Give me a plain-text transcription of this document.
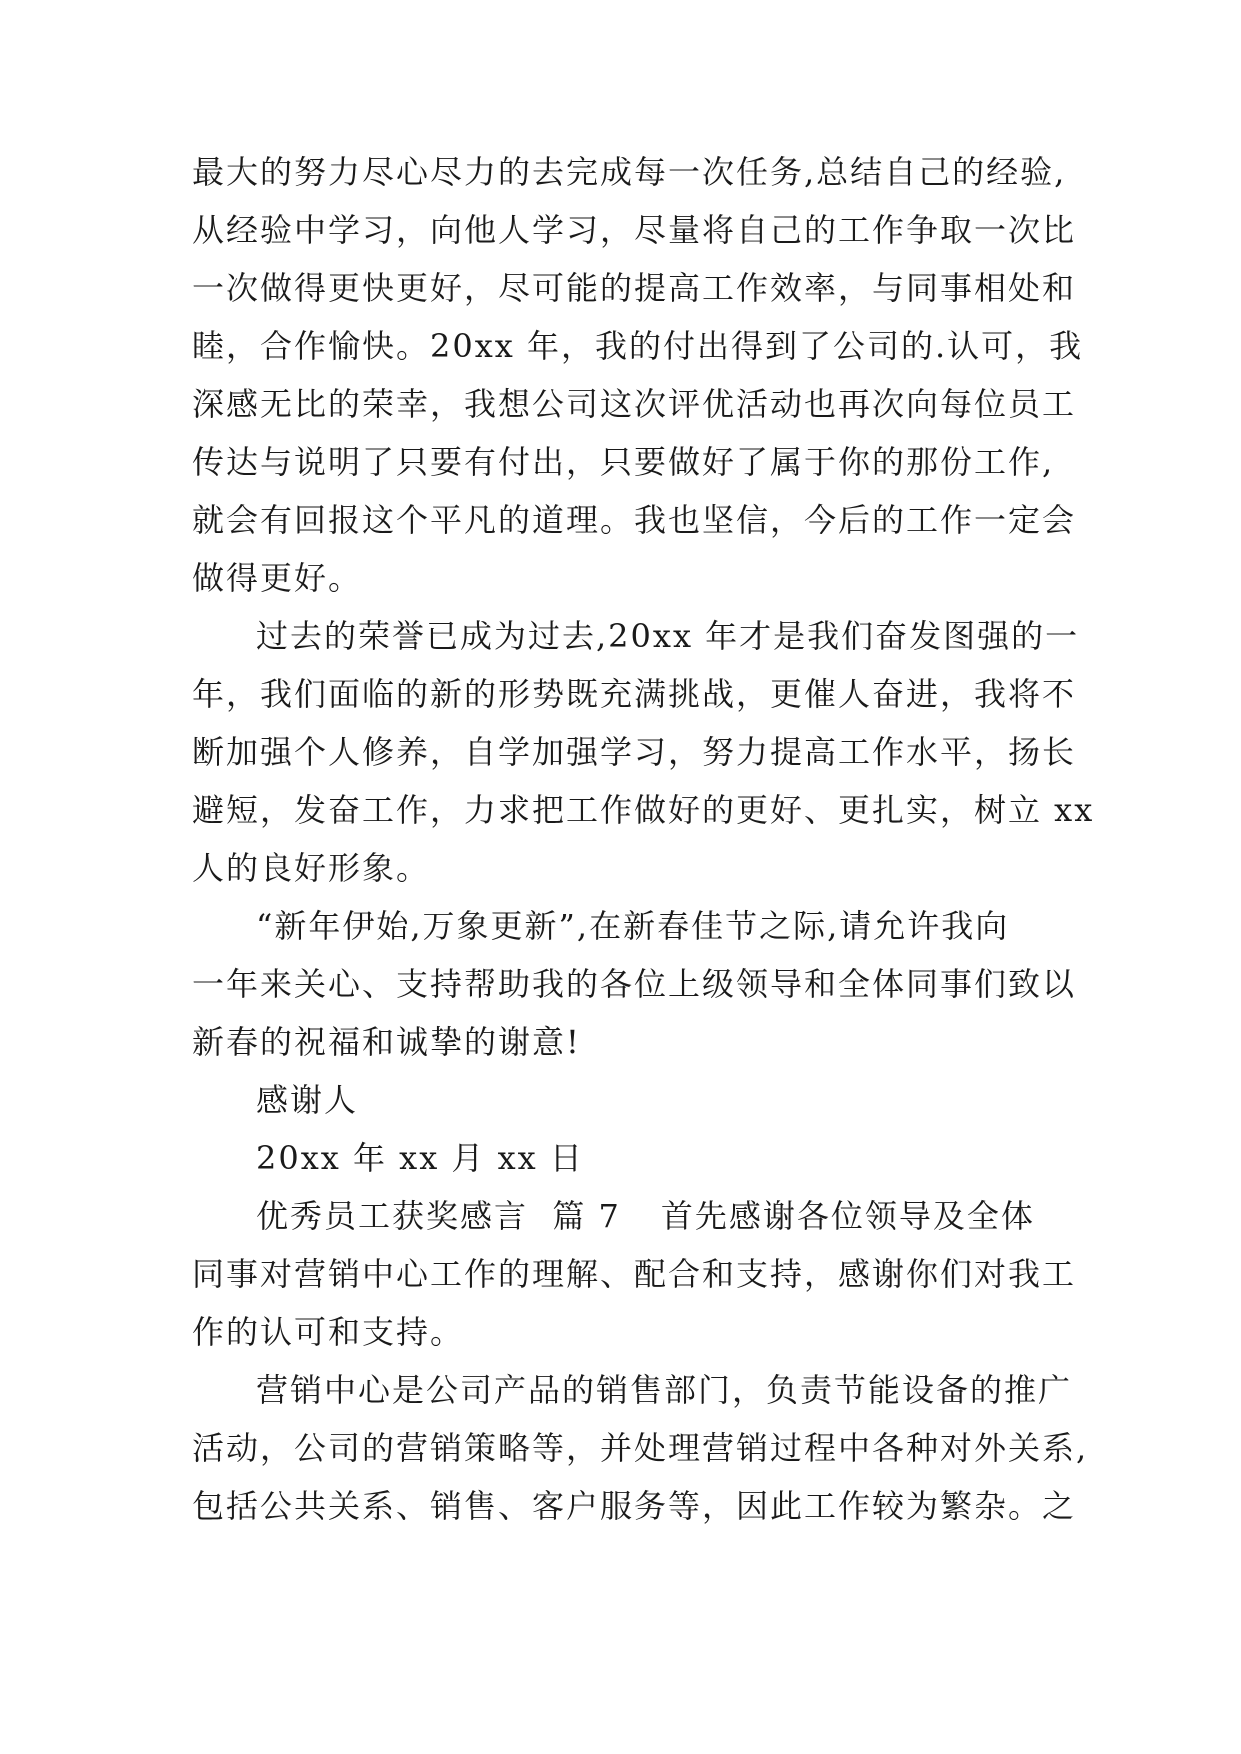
最大的努力尽心尽力的去完成每一次任务,总结自己的经验,
从经验中学习，向他人学习，尽量将自己的工作争取一次比
一次做得更快更好，尽可能的提高工作效率，与同事相处和
睦，合作愉快。20xx 年，我的付出得到了公司的.认可，我
深感无比的荣幸，我想公司这次评优活动也再次向每位员工
传达与说明了只要有付出，只要做好了属于你的那份工作,
就会有回报这个平凡的道理。我也坚信，今后的工作一定会
做得更好。
过去的荣誉已成为过去,20xx 年才是我们奋发图强的一
年，我们面临的新的形势既充满挑战，更催人奋进，我将不
断加强个人修养，自学加强学习，努力提高工作水平，扬长
避短，发奋工作，力求把工作做好的更好、更扎实，树立 xx
人的良好形象。
“新年伊始,万象更新”,在新春佳节之际,请允许我向
一年来关心、支持帮助我的各位上级领导和全体同事们致以
新春的祝福和诚挚的谢意!
感谢人
20xx 年 xx 月 xx 日
优秀员工获奖感言  篇 7 首先感谢各位领导及全体
同事对营销中心工作的理解、配合和支持，感谢你们对我工
作的认可和支持。
营销中心是公司产品的销售部门，负责节能设备的推广
活动，公司的营销策略等，并处理营销过程中各种对外关系,
包括公共关系、销售、客户服务等，因此工作较为繁杂。之
